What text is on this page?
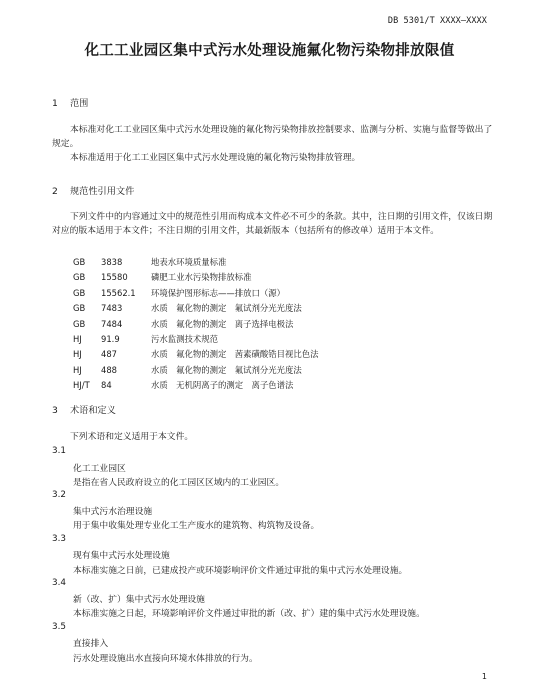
DB 5301/T XXXX—XXXX
化工工业园区集中式污水处理设施氟化物污染物排放限值
1 范围
本标准对化工工业园区集中式污水处理设施的氟化物污染物排放控制要求、监测与分析、实施与监督等做出了规定。
本标准适用于化工工业园区集中式污水处理设施的氟化物污染物排放管理。
2 规范性引用文件
下列文件中的内容通过文中的规范性引用而构成本文件必不可少的条款。其中，注日期的引用文件，仅该日期对应的版本适用于本文件；不注日期的引用文件，其最新版本（包括所有的修改单）适用于本文件。
GB 3838	地表水环境质量标准
GB 15580	磷肥工业水污染物排放标准
GB 15562.1 环境保护图形标志——排放口（源）
GB 7483	水质　氟化物的测定　氟试剂分光光度法
GB 7484	水质　氟化物的测定　离子选择电极法
HJ 91.9	污水监测技术规范
HJ 487	水质　氟化物的测定　茜素磺酸锆目视比色法
HJ 488	水质　氟化物的测定　氟试剂分光光度法
HJ/T 84	水质　无机阴离子的测定　离子色谱法
3 术语和定义
下列术语和定义适用于本文件。
3.1
化工工业园区
是指在省人民政府设立的化工园区区域内的工业园区。
3.2
集中式污水治理设施
用于集中收集处理专业化工生产废水的建筑物、构筑物及设备。
3.3
现有集中式污水处理设施
本标准实施之日前，已建成投产或环境影响评价文件通过审批的集中式污水处理设施。
3.4
新（改、扩）集中式污水处理设施
本标准实施之日起，环境影响评价文件通过审批的新（改、扩）建的集中式污水处理设施。
3.5
直接排入
污水处理设施出水直接向环境水体排放的行为。
1
